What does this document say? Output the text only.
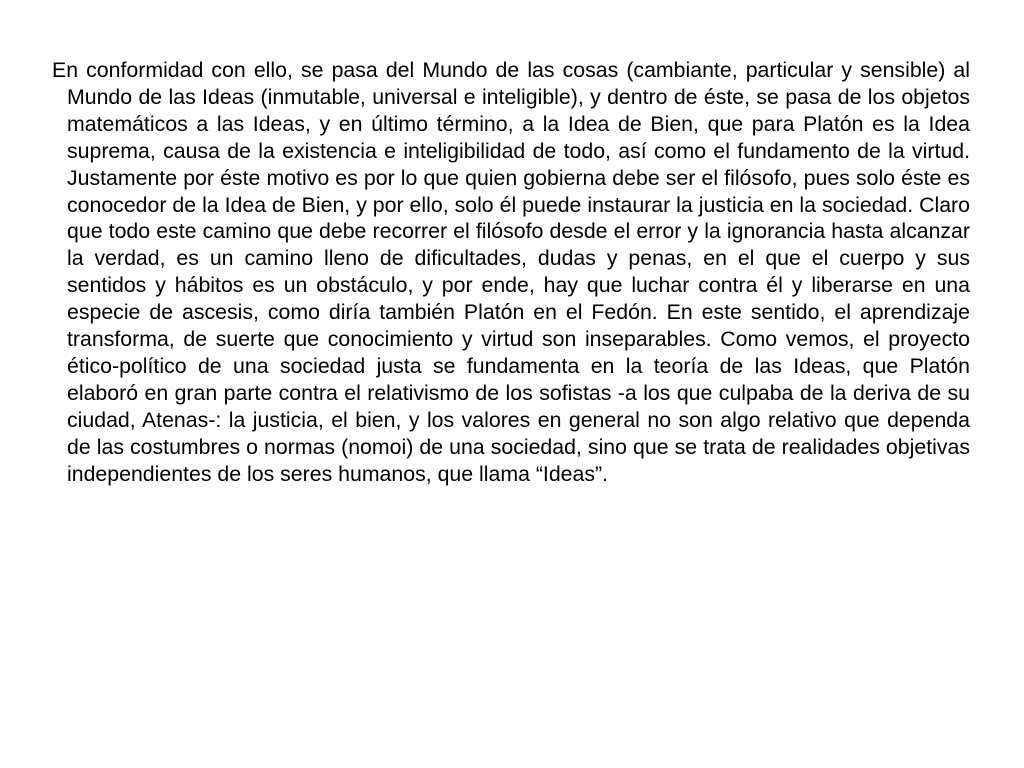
En conformidad con ello, se pasa del Mundo de las cosas (cambiante, particular y sensible) al Mundo de las Ideas (inmutable, universal e inteligible), y dentro de éste, se pasa de los objetos matemáticos a las Ideas, y en último término, a la Idea de Bien, que para Platón es la Idea suprema, causa de la existencia e inteligibilidad de todo, así como el fundamento de la virtud. Justamente por éste motivo es por lo que quien gobierna debe ser el filósofo, pues solo éste es conocedor de la Idea de Bien, y por ello, solo él puede instaurar la justicia en la sociedad. Claro que todo este camino que debe recorrer el filósofo desde el error y la ignorancia hasta alcanzar la verdad, es un camino lleno de dificultades, dudas y penas, en el que el cuerpo y sus sentidos y hábitos es un obstáculo, y por ende, hay que luchar contra él y liberarse en una especie de ascesis, como diría también Platón en el Fedón. En este sentido, el aprendizaje transforma, de suerte que conocimiento y virtud son inseparables. Como vemos, el proyecto ético-político de una sociedad justa se fundamenta en la teoría de las Ideas, que Platón elaboró en gran parte contra el relativismo de los sofistas -a los que culpaba de la deriva de su ciudad, Atenas-: la justicia, el bien, y los valores en general no son algo relativo que dependa de las costumbres o normas (nomoi) de una sociedad, sino que se trata de realidades objetivas independientes de los seres humanos, que llama “Ideas”.
